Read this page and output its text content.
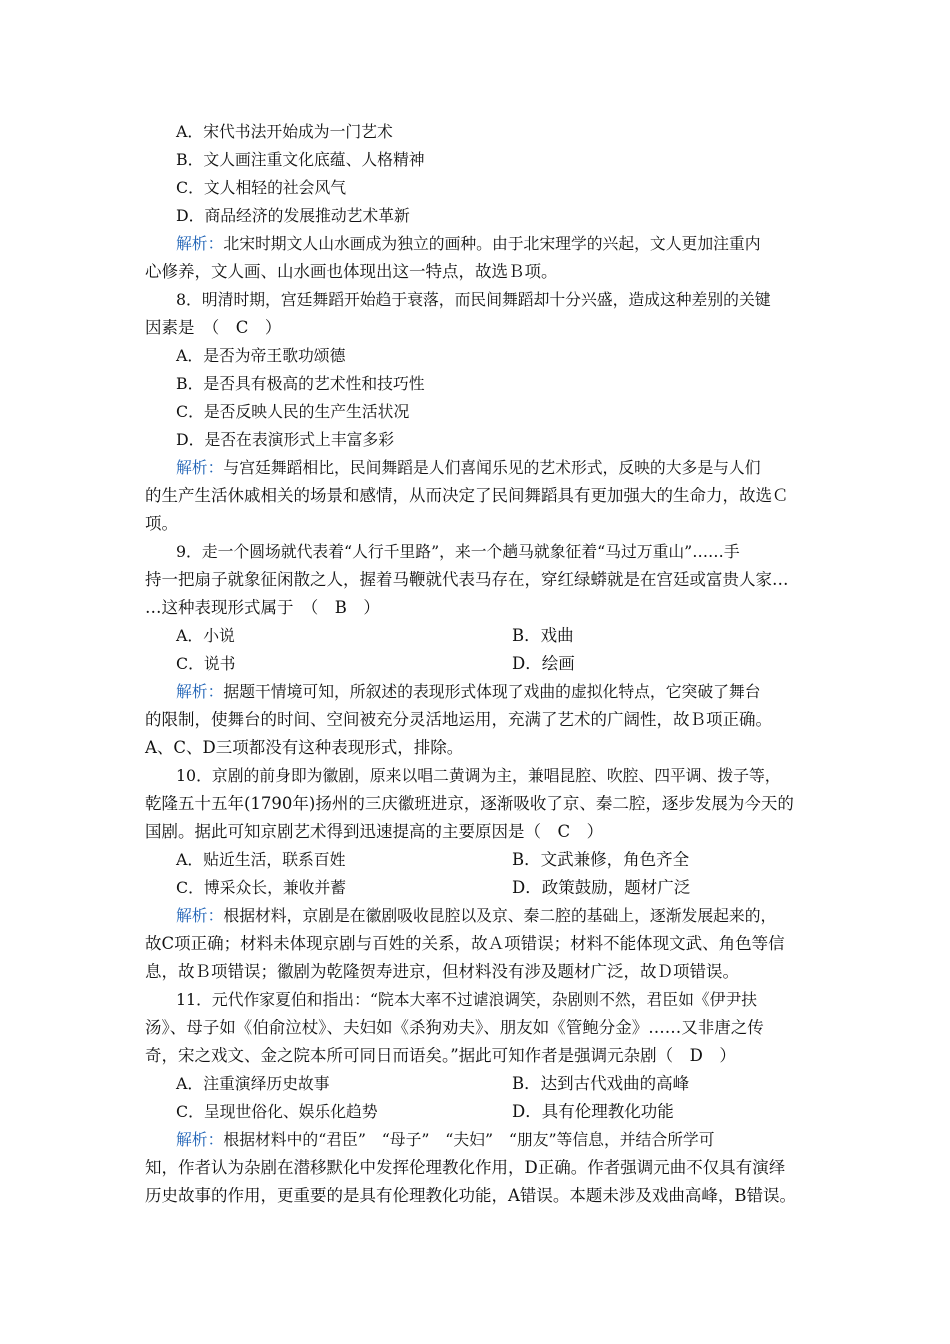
A．宋代书法开始成为一门艺术
B．文人画注重文化底蕴、人格精神
C．文人相轻的社会风气
D．商品经济的发展推动艺术革新
解析：北宋时期文人山水画成为独立的画种。由于北宋理学的兴起，文人更加注重内
心修养，文人画、山水画也体现出这一特点，故选Ｂ项。
8．明清时期，宫廷舞蹈开始趋于衰落，而民间舞蹈却十分兴盛，造成这种差别的关键
因素是　（　C　）
A．是否为帝王歌功颂德
B．是否具有极高的艺术性和技巧性
C．是否反映人民的生产生活状况
D．是否在表演形式上丰富多彩
解析：与宫廷舞蹈相比，民间舞蹈是人们喜闻乐见的艺术形式，反映的大多是与人们
的生产生活休戚相关的场景和感情，从而决定了民间舞蹈具有更加强大的生命力，故选Ｃ
项。
9．走一个圆场就代表着“人行千里路”，来一个趟马就象征着“马过万重山”……手
持一把扇子就象征闲散之人，握着马鞭就代表马存在，穿红绿蟒就是在宫廷或富贵人家…
…这种表现形式属于　（　B　）
A．小说	B．戏曲
C．说书	D．绘画
解析：据题干情境可知，所叙述的表现形式体现了戏曲的虚拟化特点，它突破了舞台
的限制，使舞台的时间、空间被充分灵活地运用，充满了艺术的广阔性，故Ｂ项正确。
A、C、D三项都没有这种表现形式，排除。
10．京剧的前身即为徽剧，原来以唱二黄调为主，兼唱昆腔、吹腔、四平调、拨子等，
乾隆五十五年(1790年)扬州的三庆徽班进京，逐渐吸收了京、秦二腔，逐步发展为今天的
国剧。据此可知京剧艺术得到迅速提高的主要原因是（　C　）
A．贴近生活，联系百姓	B．文武兼修，角色齐全
C．博采众长，兼收并蓄	D．政策鼓励，题材广泛
解析：根据材料，京剧是在徽剧吸收昆腔以及京、秦二腔的基础上，逐渐发展起来的，
故C项正确；材料未体现京剧与百姓的关系，故Ａ项错误；材料不能体现文武、角色等信
息，故Ｂ项错误；徽剧为乾隆贺寿进京，但材料没有涉及题材广泛，故Ｄ项错误。
11．元代作家夏伯和指出：“院本大率不过谑浪调笑，杂剧则不然，君臣如《伊尹扶
汤》、母子如《伯俞泣杖》、夫妇如《杀狗劝夫》、朋友如《管鲍分金》……又非唐之传
奇，宋之戏文、金之院本所可同日而语矣。”据此可知作者是强调元杂剧（　D　）
A．注重演绎历史故事	B．达到古代戏曲的高峰
C．呈现世俗化、娱乐化趋势	D．具有伦理教化功能
解析：根据材料中的“君臣”　“母子”　“夫妇”　“朋友”等信息，并结合所学可
知，作者认为杂剧在潜移默化中发挥伦理教化作用，D正确。作者强调元曲不仅具有演绎
历史故事的作用，更重要的是具有伦理教化功能，A错误。本题未涉及戏曲高峰，B错误。
